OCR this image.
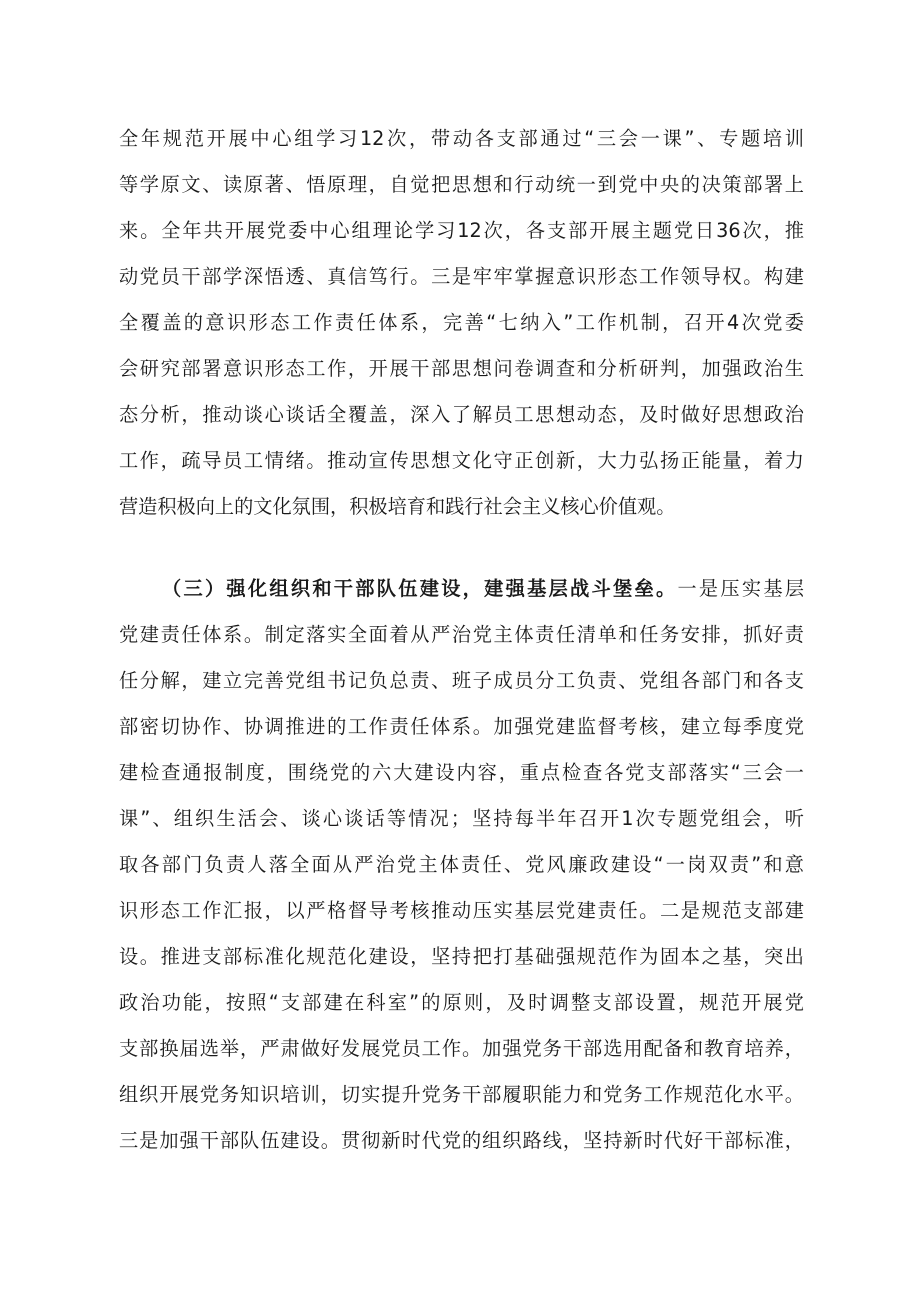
全年规范开展中心组学习12次，带动各支部通过“三会一课”、专题培训
等学原文、读原著、悟原理，自觉把思想和行动统一到党中央的决策部署上
来。全年共开展党委中心组理论学习12次，各支部开展主题党日36次，推
动党员干部学深悟透、真信笃行。三是牢牢掌握意识形态工作领导权。构建
全覆盖的意识形态工作责任体系，完善“七纳入”工作机制，召开4次党委
会研究部署意识形态工作，开展干部思想问卷调查和分析研判，加强政治生
态分析，推动谈心谈话全覆盖，深入了解员工思想动态，及时做好思想政治
工作，疏导员工情绪。推动宣传思想文化守正创新，大力弘扬正能量，着力
营造积极向上的文化氛围，积极培育和践行社会主义核心价值观。
（三）强化组织和干部队伍建设，建强基层战斗堡垒。一是压实基层
党建责任体系。制定落实全面着从严治党主体责任清单和任务安排，抓好责
任分解，建立完善党组书记负总责、班子成员分工负责、党组各部门和各支
部密切协作、协调推进的工作责任体系。加强党建监督考核，建立每季度党
建检查通报制度，围绕党的六大建设内容，重点检查各党支部落实“三会一
课”、组织生活会、谈心谈话等情况；坚持每半年召开1次专题党组会，听
取各部门负责人落全面从严治党主体责任、党风廉政建设“一岗双责”和意
识形态工作汇报，以严格督导考核推动压实基层党建责任。二是规范支部建
设。推进支部标准化规范化建设，坚持把打基础强规范作为固本之基，突出
政治功能，按照“支部建在科室”的原则，及时调整支部设置，规范开展党
支部换届选举，严肃做好发展党员工作。加强党务干部选用配备和教育培养，
组织开展党务知识培训，切实提升党务干部履职能力和党务工作规范化水平。
三是加强干部队伍建设。贯彻新时代党的组织路线，坚持新时代好干部标准，
